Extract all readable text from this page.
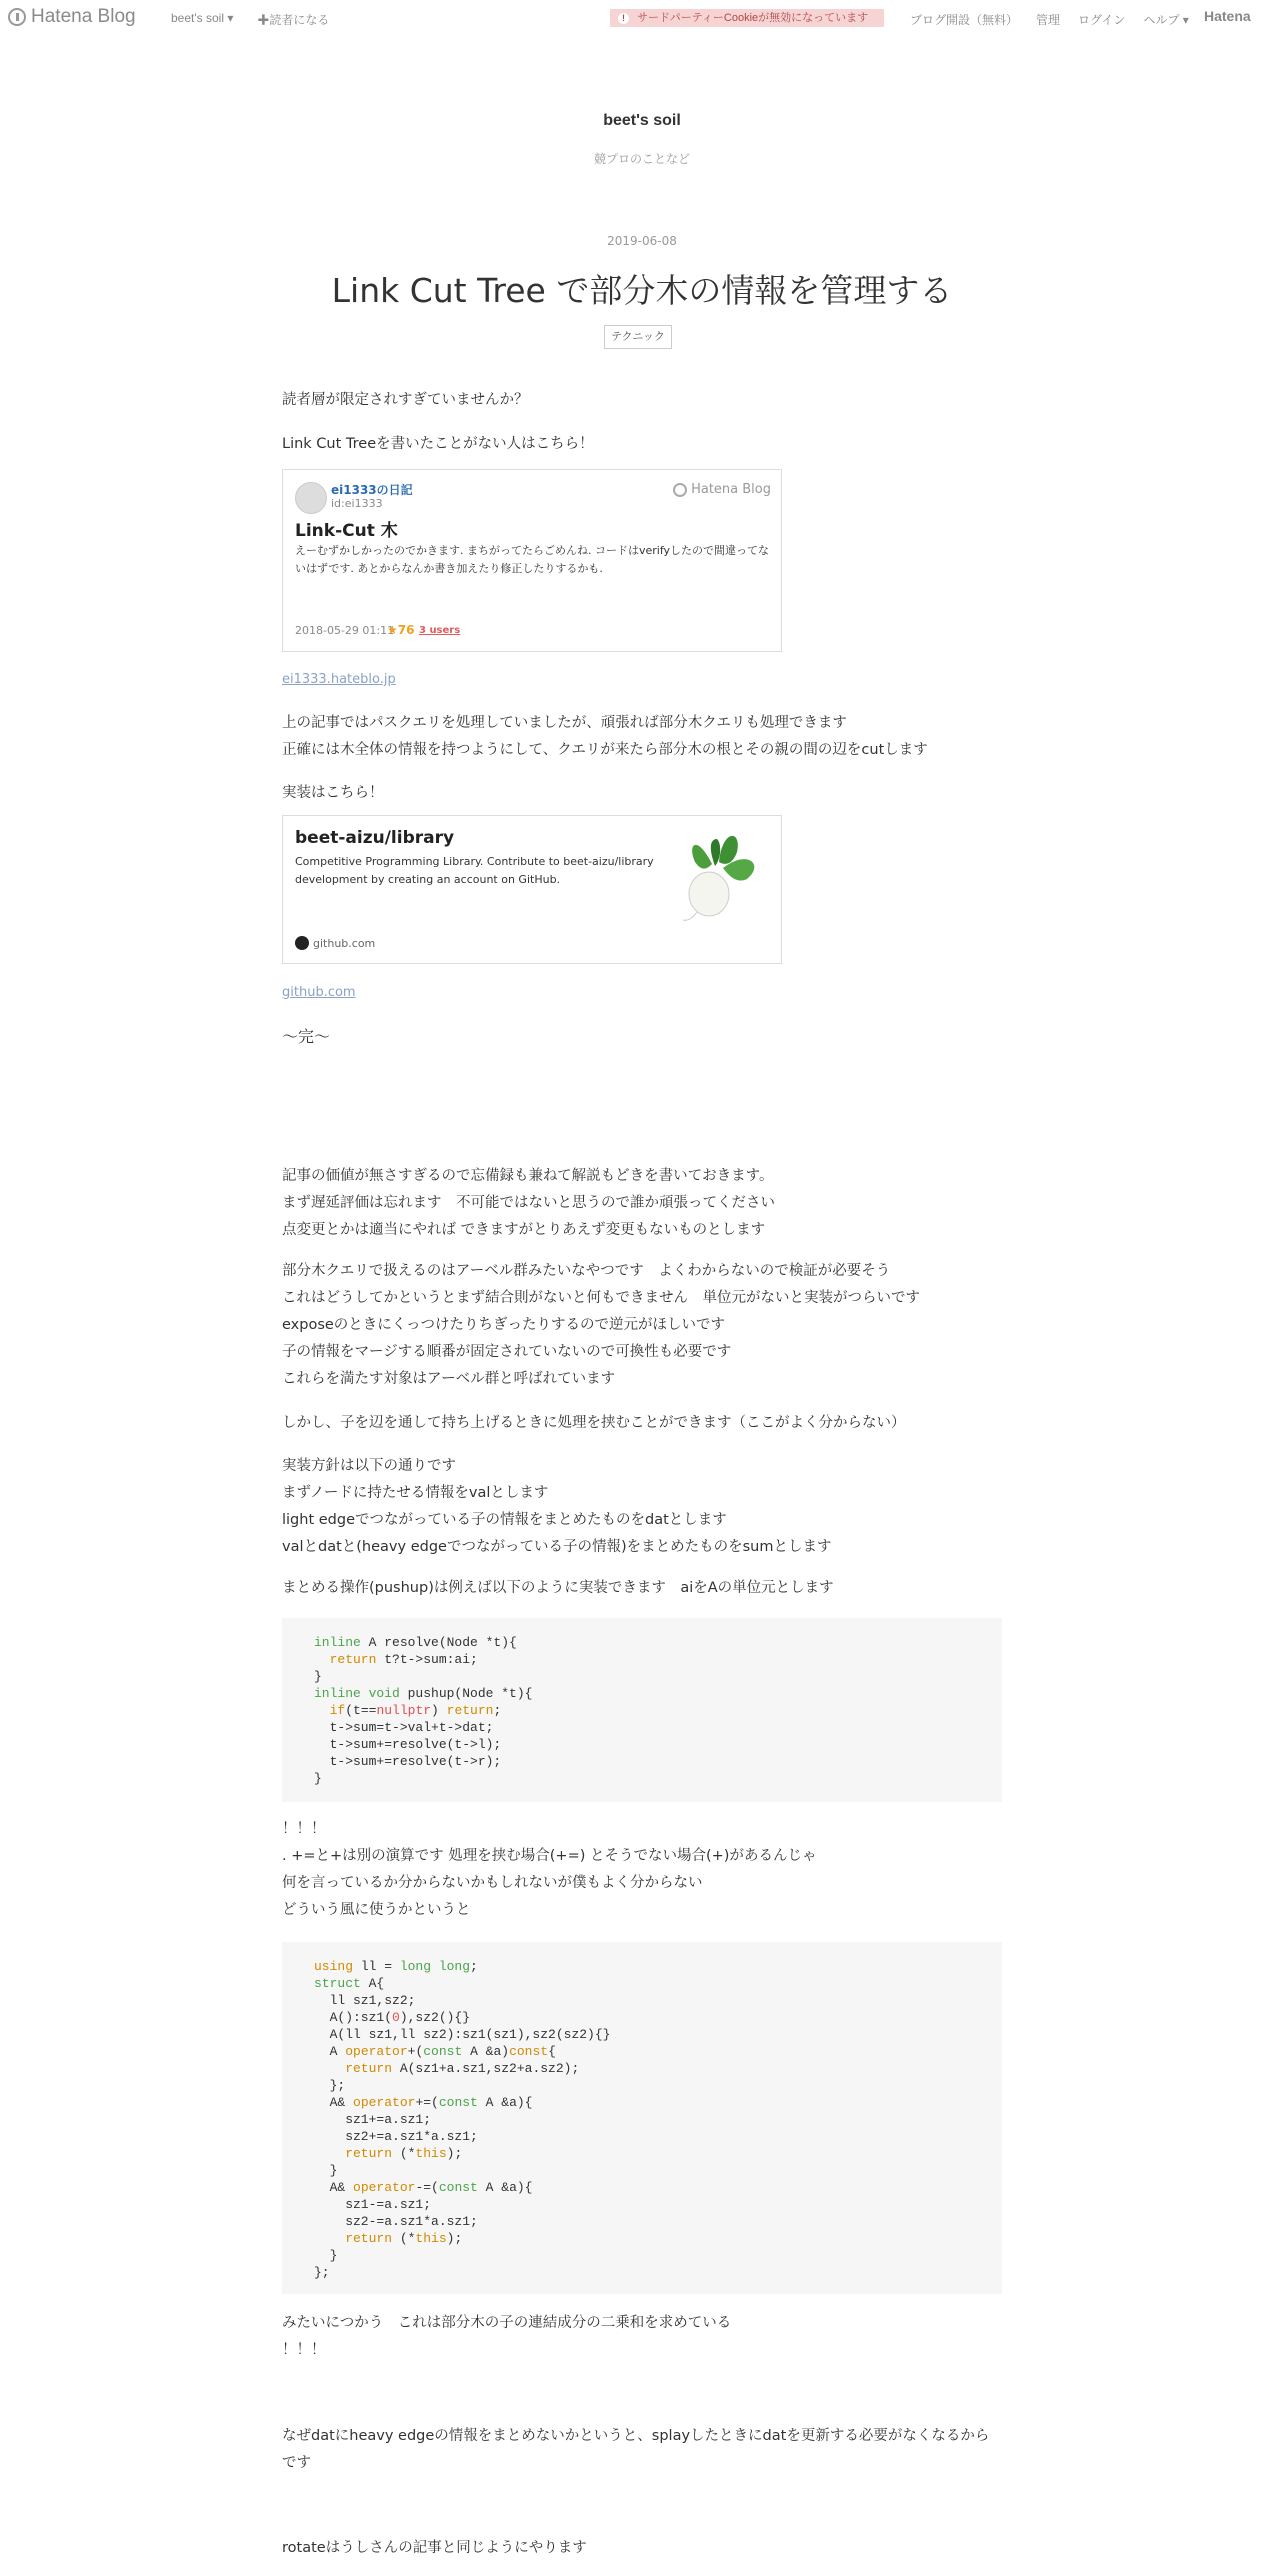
Hatena Blog	beet's soil ▾ ✚読者になる	!	サードパーティーCookieが無効になっています	ブログ開設（無料） 管理 ログイン ヘルプ ▾ Hatena
beet's soil
競プロのことなど
2019-06-08
Link Cut Tree で部分木の情報を管理する
テクニック

読者層が限定されすぎていませんか？

Link Cut Treeを書いたことがない人はこちら！

ei1333の日記
id:ei1333
Hatena Blog
Link-Cut 木
えーむずかしかったのでかきます. まちがってたらごめんね. コードはverifyしたので間違ってないはずです. あとからなんか書き加えたり修正したりするかも.
2018-05-29 01:11
★76 3 users
ei1333.hateblo.jp

上の記事ではパスクエリを処理していましたが、頑張れば部分木クエリも処理できます

正確には木全体の情報を持つようにして、クエリが来たら部分木の根とその親の間の辺をcutします

実装はこちら！

beet-aizu/library
Competitive Programming Library. Contribute to beet-aizu/library development by creating an account on GitHub.
github.com
github.com

〜完〜

記事の価値が無さすぎるので忘備録も兼ねて解説もどきを書いておきます。

まず遅延評価は忘れます　不可能ではないと思うので誰か頑張ってください

点変更とかは適当にやれば できますがとりあえず変更もないものとします

部分木クエリで扱えるのはアーベル群みたいなやつです　よくわからないので検証が必要そう

これはどうしてかというとまず結合則がないと何もできません　単位元がないと実装がつらいです

exposeのときにくっつけたりちぎったりするので逆元がほしいです

子の情報をマージする順番が固定されていないので可換性も必要です

これらを満たす対象はアーベル群と呼ばれています

しかし、子を辺を通して持ち上げるときに処理を挟むことができます（ここがよく分からない）

実装方針は以下の通りです

まずノードに持たせる情報をvalとします

light edgeでつながっている子の情報をまとめたものをdatとします

valとdatと(heavy edgeでつながっている子の情報)をまとめたものをsumとします

まとめる操作(pushup)は例えば以下のように実装できます　aiをAの単位元とします

inline A resolve(Node *t){
return t?t->sum:ai;
}
inline void pushup(Node *t){
if(t==nullptr) return;
t->sum=t->val+t->dat;
t->sum+=resolve(t->l);
t->sum+=resolve(t->r);
}

！！！

. +=と+は別の演算です 処理を挟む場合(+=) とそうでない場合(+)があるんじゃ

何を言っているか分からないかもしれないが僕もよく分からない

どういう風に使うかというと

using ll = long long;
struct A{
ll sz1,sz2;
A():sz1(0),sz2(){}
A(ll sz1,ll sz2):sz1(sz1),sz2(sz2){}
A operator+(const A &a)const{
return A(sz1+a.sz1,sz2+a.sz2);
};
A& operator+=(const A &a){
sz1+=a.sz1;
sz2+=a.sz1*a.sz1;
return (*this);
}
A& operator-=(const A &a){
sz1-=a.sz1;
sz2-=a.sz1*a.sz1;
return (*this);
}
};

みたいにつかう　これは部分木の子の連結成分の二乗和を求めている

！！！

なぜdatにheavy edgeの情報をまとめないかというと、splayしたときにdatを更新する必要がなくなるからです

rotateはうしさんの記事と同じようにやります
